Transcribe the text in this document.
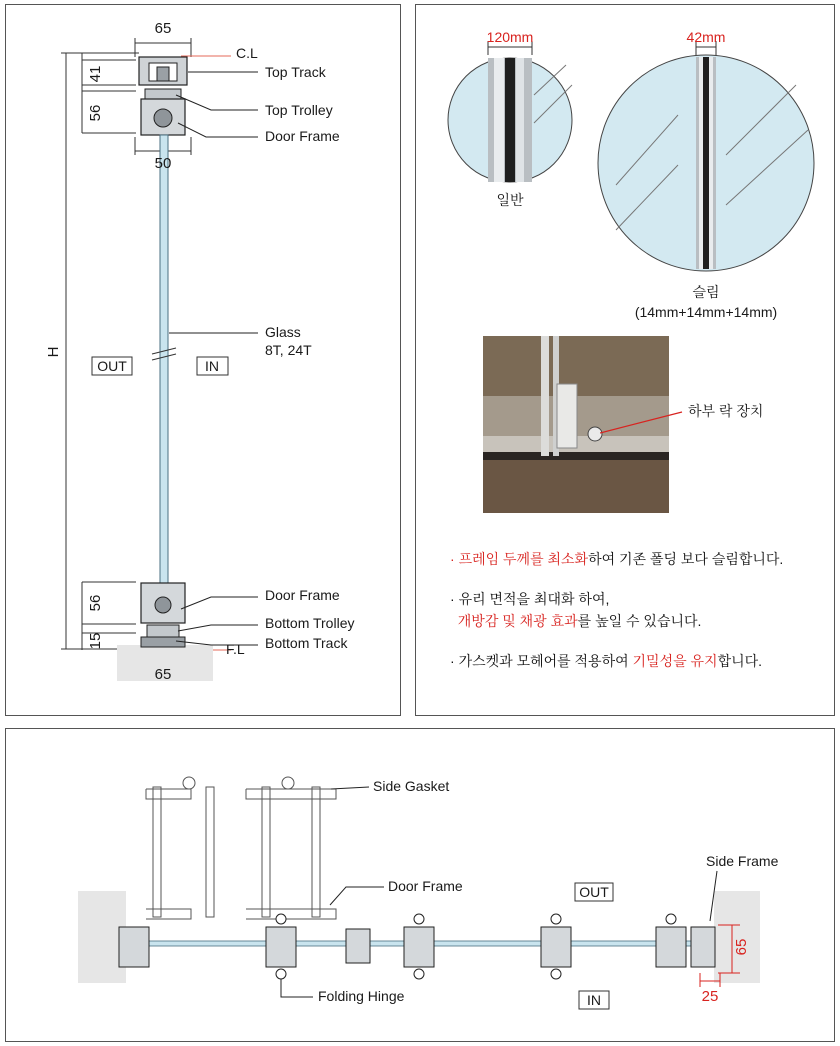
65
41
56
50
H
56
15
65
C.L
Top Track
Top Trolley
Door Frame
Glass
8T, 24T
OUT	IN
Door Frame
Bottom Trolley
Bottom Track
F.L
120mm
일반
42mm
슬림
(14mm+14mm+14mm)
하부 락 장치

· 프레임 두께를 최소화하여 기존 폴딩 보다 슬림합니다.

· 유리 면적을 최대화 하여,
개방감 및 채광 효과를 높일 수 있습니다.

· 가스켓과 모헤어를 적용하여 기밀성을 유지합니다.

Side Gasket
Door Frame
Side Frame
OUT
IN
Folding Hinge
65
25
